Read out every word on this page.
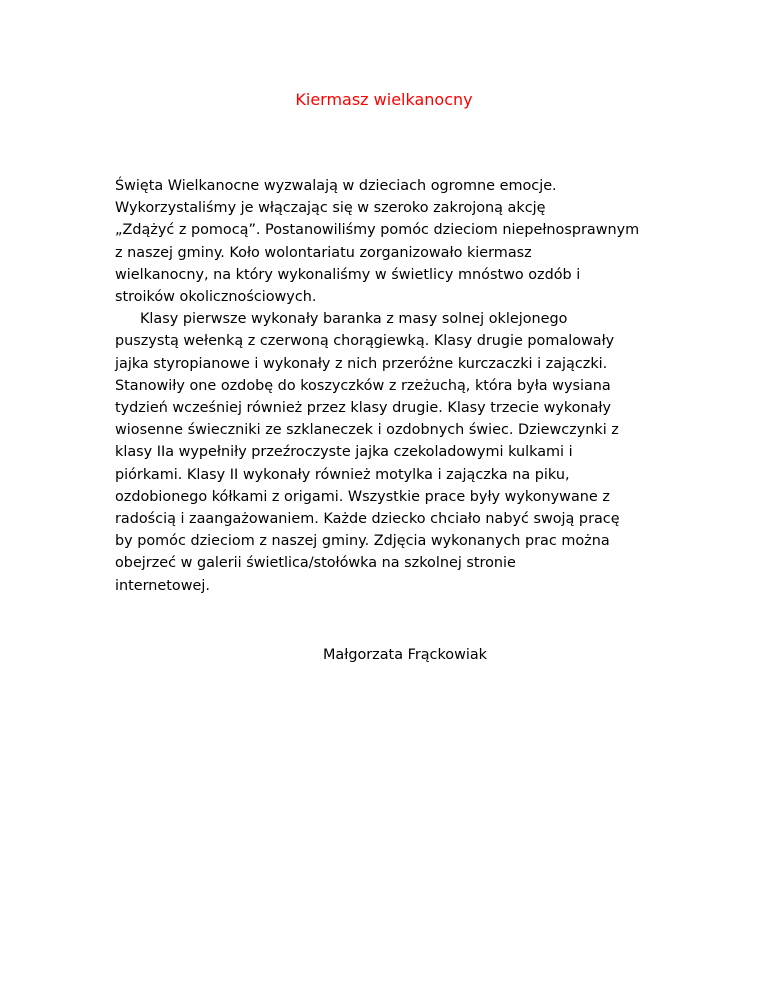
Kiermasz wielkanocny

Święta Wielkanocne wyzwalają w dzieciach ogromne emocje.
Wykorzystaliśmy je włączając się w szeroko zakrojoną akcję
„Zdążyć z pomocą”. Postanowiliśmy pomóc dzieciom niepełnosprawnym
z naszej gminy. Koło wolontariatu zorganizowało kiermasz
wielkanocny, na który wykonaliśmy w świetlicy mnóstwo ozdób i
stroików okolicznościowych.

Klasy pierwsze wykonały baranka z masy solnej oklejonego
puszystą wełenką z czerwoną chorągiewką. Klasy drugie pomalowały
jajka styropianowe i wykonały z nich przeróżne kurczaczki i zajączki.
Stanowiły one ozdobę do koszyczków z rzeżuchą, która była wysiana
tydzień wcześniej również przez klasy drugie. Klasy trzecie wykonały
wiosenne świeczniki ze szklaneczek i ozdobnych świec. Dziewczynki z
klasy IIa wypełniły przeźroczyste jajka czekoladowymi kulkami i
piórkami. Klasy II wykonały również motylka i zajączka na piku,
ozdobionego kółkami z origami. Wszystkie prace były wykonywane z
radością i zaangażowaniem. Każde dziecko chciało nabyć swoją pracę
by pomóc dzieciom z naszej gminy. Zdjęcia wykonanych prac można
obejrzeć w galerii świetlica/stołówka na szkolnej stronie
internetowej.

Małgorzata Frąckowiak
